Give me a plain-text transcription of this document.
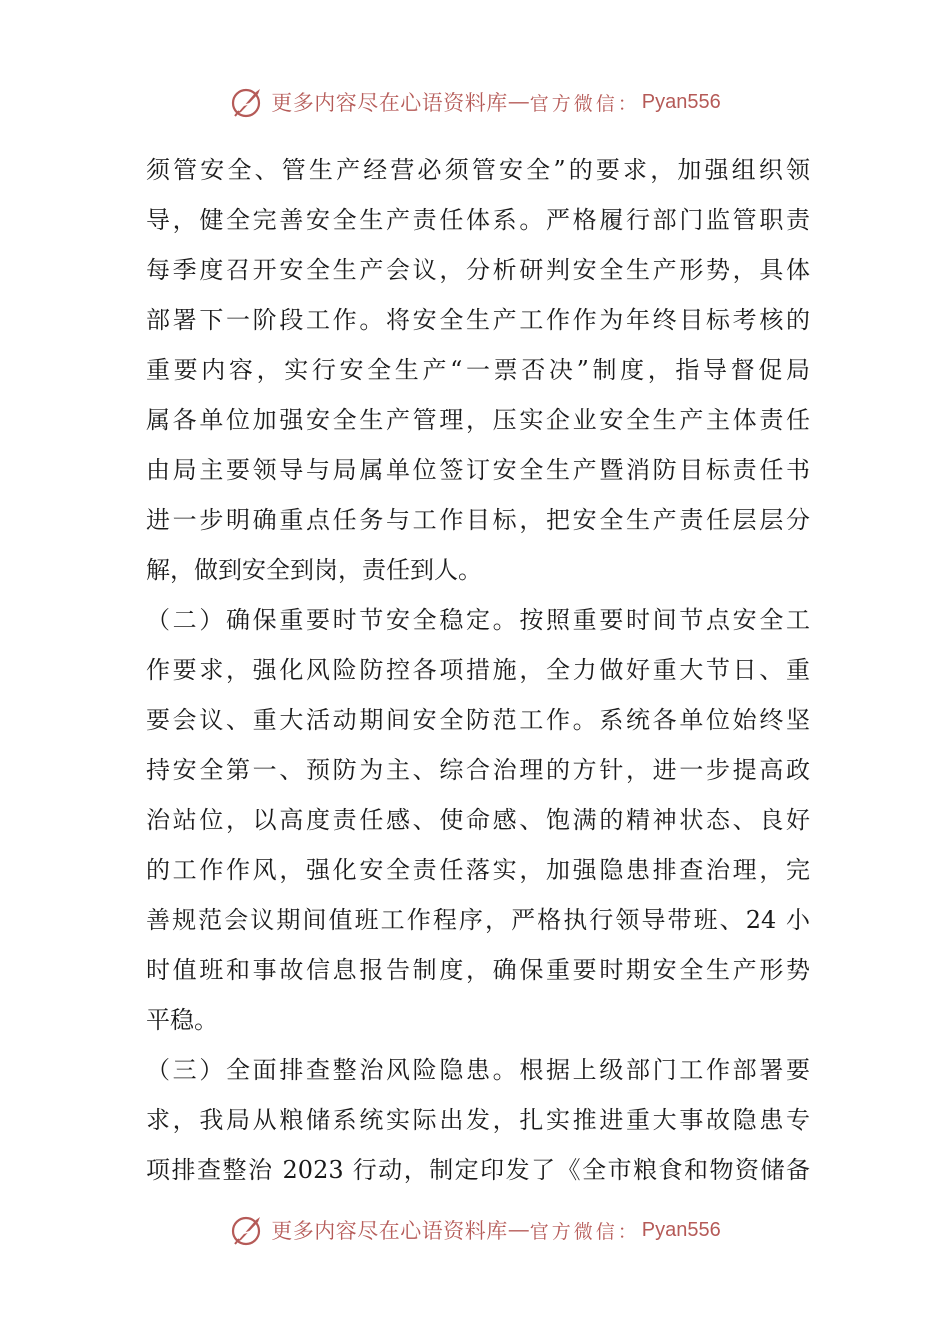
更多内容尽在心语资料库 — 官方微信： Pyan556
须管安全、管生产经营必须管安全”的要求，加强组织领
导，健全完善安全生产责任体系。严格履行部门监管职责
每季度召开安全生产会议，分析研判安全生产形势，具体
部署下一阶段工作。将安全生产工作作为年终目标考核的
重要内容，实行安全生产“一票否决”制度，指导督促局
属各单位加强安全生产管理，压实企业安全生产主体责任
由局主要领导与局属单位签订安全生产暨消防目标责任书
进一步明确重点任务与工作目标，把安全生产责任层层分
解，做到安全到岗，责任到人。
（二）确保重要时节安全稳定。按照重要时间节点安全工
作要求，强化风险防控各项措施，全力做好重大节日、重
要会议、重大活动期间安全防范工作。系统各单位始终坚
持安全第一、预防为主、综合治理的方针，进一步提高政
治站位，以高度责任感、使命感、饱满的精神状态、良好
的工作作风，强化安全责任落实，加强隐患排查治理，完
善规范会议期间值班工作程序，严格执行领导带班、24 小
时值班和事故信息报告制度，确保重要时期安全生产形势
平稳。
（三）全面排查整治风险隐患。根据上级部门工作部署要
求，我局从粮储系统实际出发，扎实推进重大事故隐患专
项排查整治 2023 行动，制定印发了《全市粮食和物资储备
更多内容尽在心语资料库 — 官方微信： Pyan556
